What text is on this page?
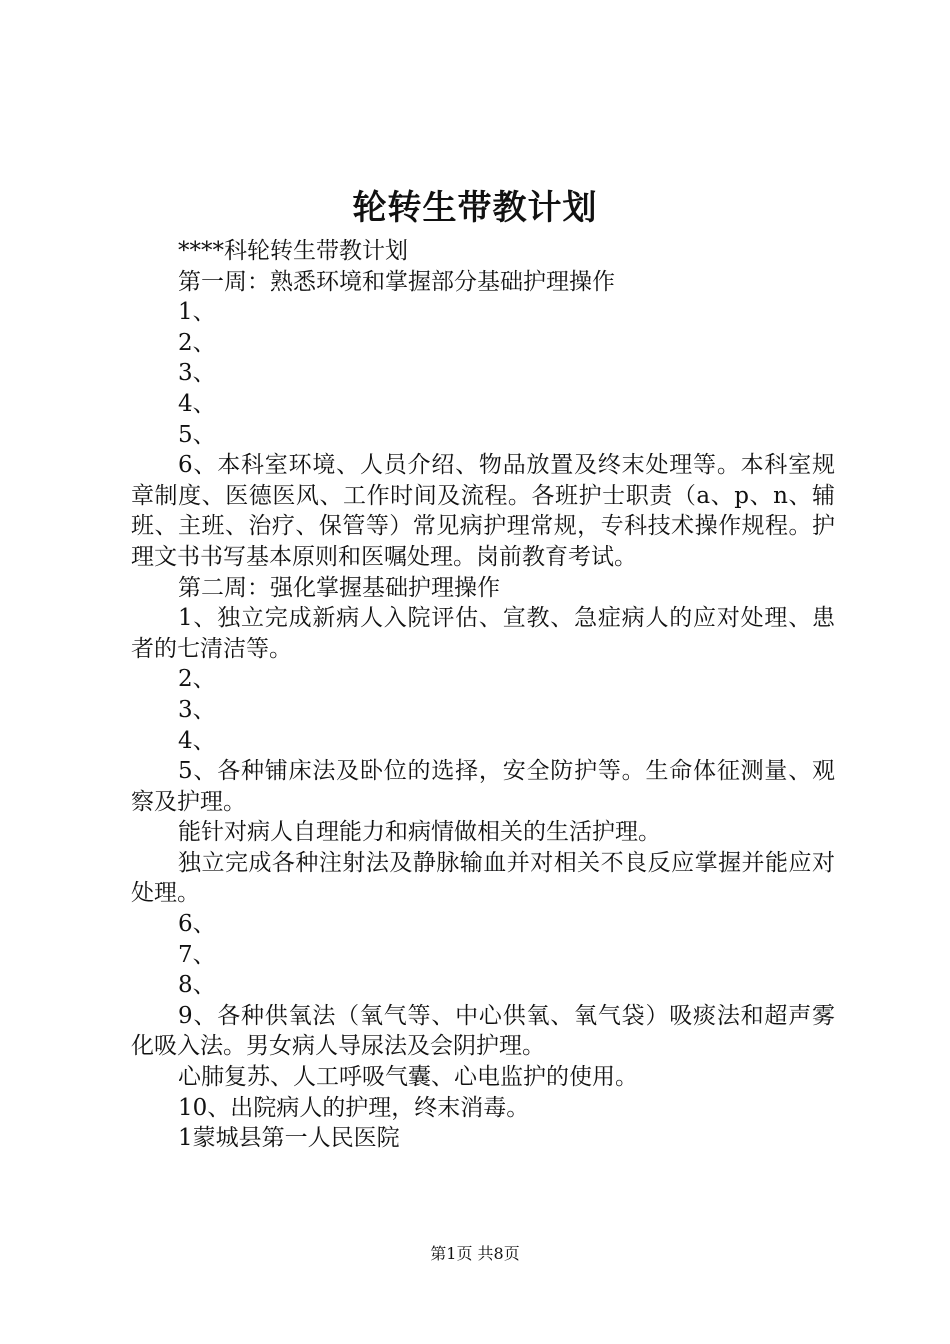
轮转生带教计划

****科轮转生带教计划

第一周：熟悉环境和掌握部分基础护理操作

1、

2、

3、

4、

5、

6、本科室环境、人员介绍、物品放置及终末处理等。本科室规章制度、医德医风、工作时间及流程。各班护士职责（a、p、n、辅班、主班、治疗、保管等）常见病护理常规，专科技术操作规程。护理文书书写基本原则和医嘱处理。岗前教育考试。

第二周：强化掌握基础护理操作

1、独立完成新病人入院评估、宣教、急症病人的应对处理、患者的七清洁等。

2、

3、

4、

5、各种铺床法及卧位的选择，安全防护等。生命体征测量、观察及护理。

能针对病人自理能力和病情做相关的生活护理。

独立完成各种注射法及静脉输血并对相关不良反应掌握并能应对处理。

6、

7、

8、

9、各种供氧法（氧气等、中心供氧、氧气袋）吸痰法和超声雾化吸入法。男女病人导尿法及会阴护理。

心肺复苏、人工呼吸气囊、心电监护的使用。

10、出院病人的护理，终末消毒。

1蒙城县第一人民医院

第1页 共8页
